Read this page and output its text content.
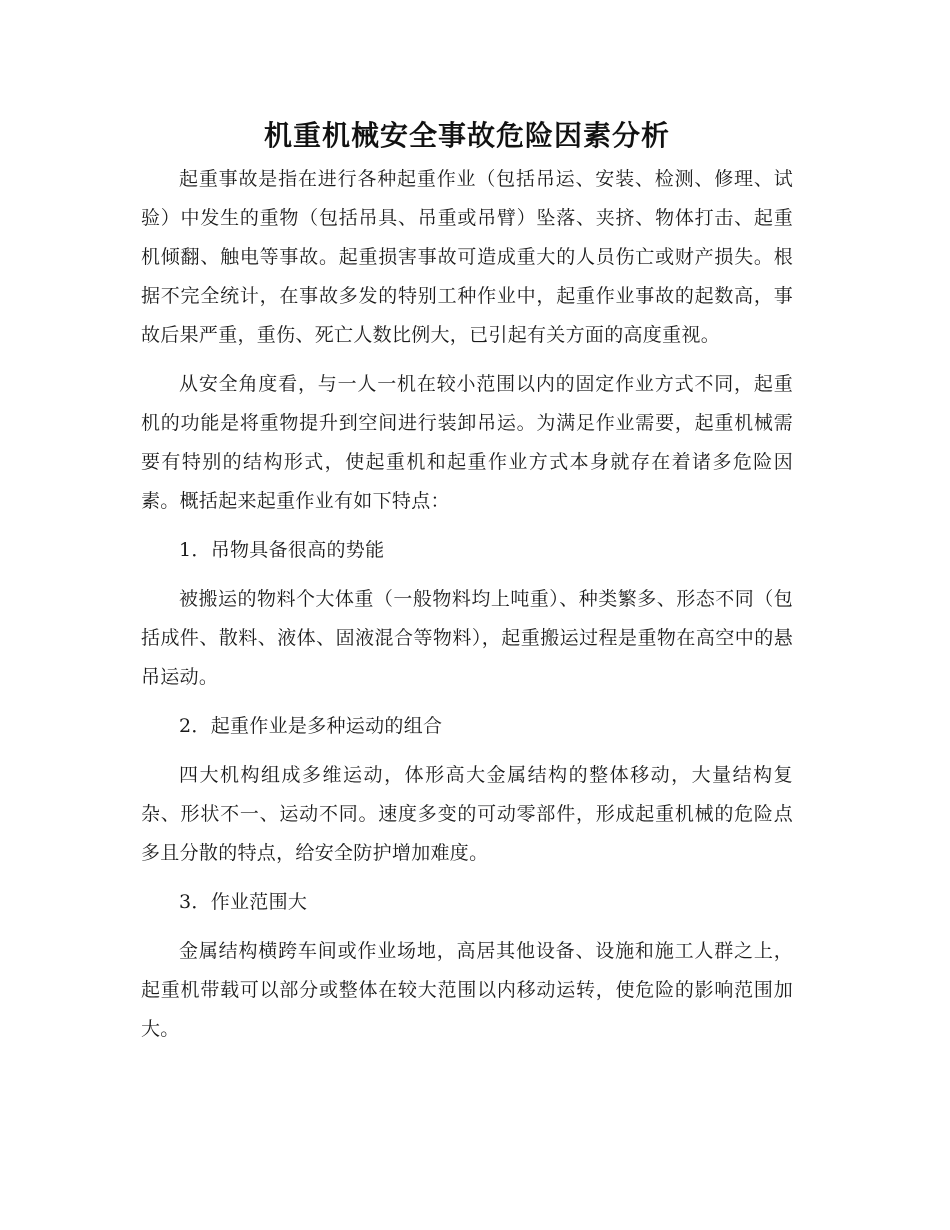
机重机械安全事故危险因素分析

起重事故是指在进行各种起重作业（包括吊运、安装、检测、修理、试验）中发生的重物（包括吊具、吊重或吊臂）坠落、夹挤、物体打击、起重机倾翻、触电等事故。起重损害事故可造成重大的人员伤亡或财产损失。根据不完全统计，在事故多发的特别工种作业中，起重作业事故的起数高，事故后果严重，重伤、死亡人数比例大，已引起有关方面的高度重视。

从安全角度看，与一人一机在较小范围以内的固定作业方式不同，起重机的功能是将重物提升到空间进行装卸吊运。为满足作业需要，起重机械需要有特别的结构形式，使起重机和起重作业方式本身就存在着诸多危险因素。概括起来起重作业有如下特点：

1．吊物具备很高的势能

被搬运的物料个大体重（一般物料均上吨重）、种类繁多、形态不同（包括成件、散料、液体、固液混合等物料），起重搬运过程是重物在高空中的悬吊运动。

2．起重作业是多种运动的组合

四大机构组成多维运动，体形高大金属结构的整体移动，大量结构复杂、形状不一、运动不同。速度多变的可动零部件，形成起重机械的危险点多且分散的特点，给安全防护增加难度。

3．作业范围大

金属结构横跨车间或作业场地，高居其他设备、设施和施工人群之上，起重机带载可以部分或整体在较大范围以内移动运转，使危险的影响范围加大。
